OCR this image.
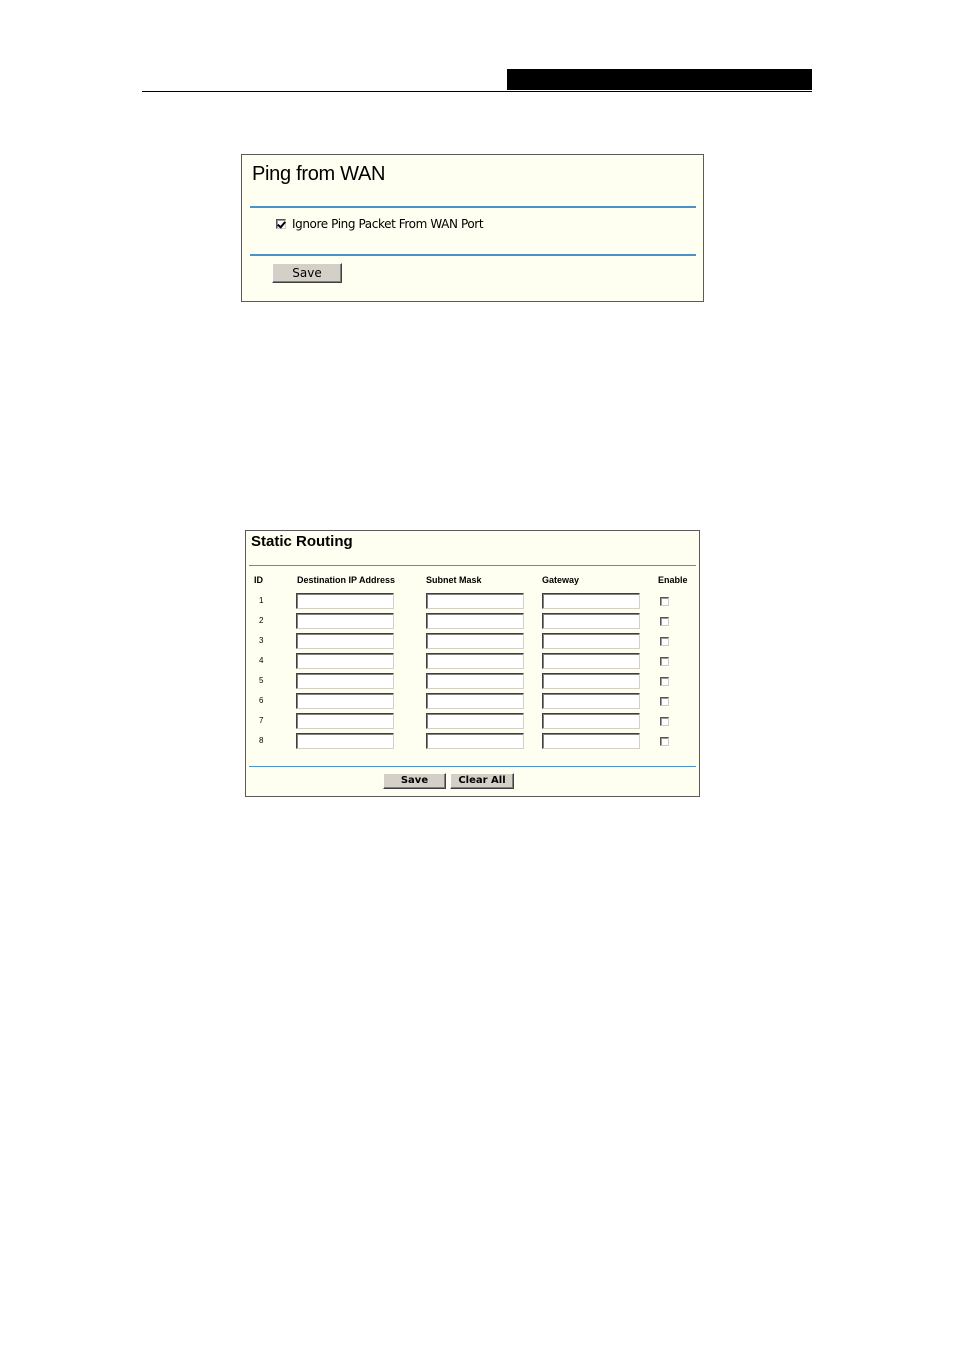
Ping from WAN
Ignore Ping Packet From WAN Port
Save
Static Routing
ID	Destination IP Address	Subnet Mask	Gateway	Enable
1
2
3
4
5
6
7
8
Save	Clear All
